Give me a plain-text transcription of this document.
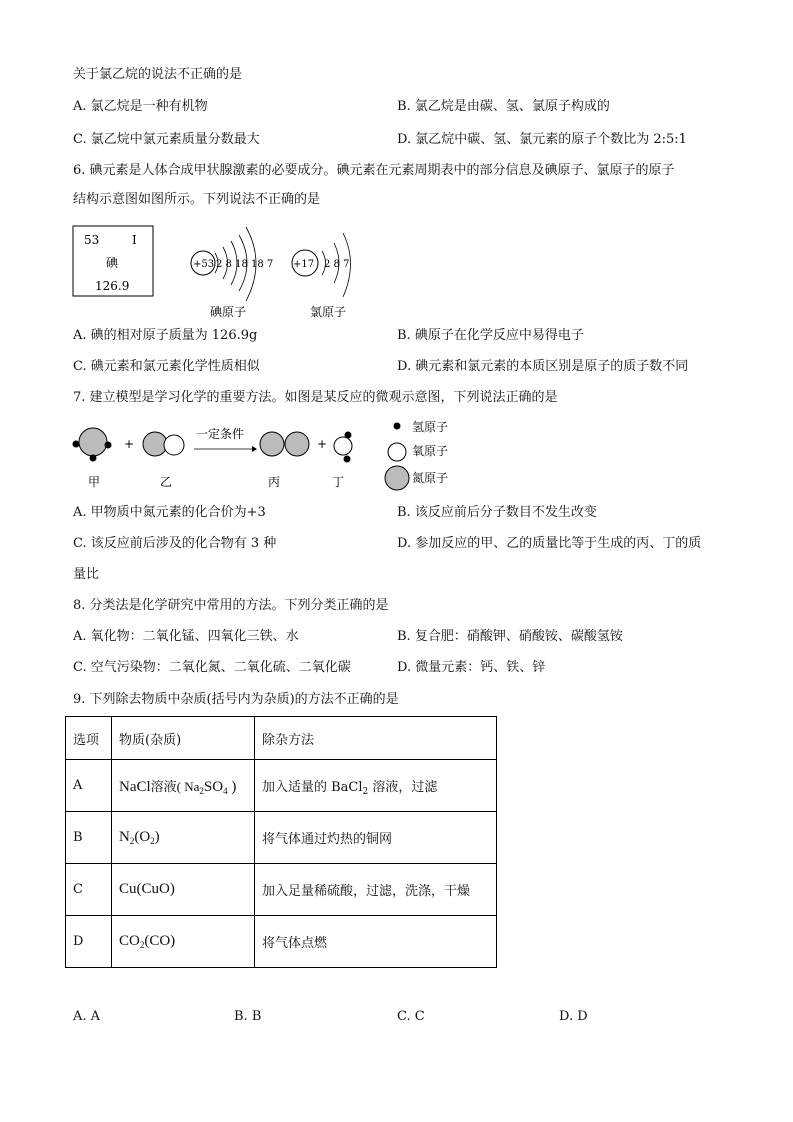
关于氯乙烷的说法不正确的是
A. 氯乙烷是一种有机物	B. 氯乙烷是由碳、氢、氯原子构成的
C. 氯乙烷中氯元素质量分数最大	D. 氯乙烷中碳、氢、氯元素的原子个数比为 2:5:1
6. 碘元素是人体合成甲状腺激素的必要成分。碘元素在元素周期表中的部分信息及碘原子、氯原子的原子
结构示意图如图所示。下列说法不正确的是
53	I
碘
126.9
+53 2 8 18 18 7
碘原子
+17 2 8 7
氯原子
A. 碘的相对原子质量为 126.9g	B. 碘原子在化学反应中易得电子
C. 碘元素和氯元素化学性质相似	D. 碘元素和氯元素的本质区别是原子的质子数不同
7. 建立模型是学习化学的重要方法。如图是某反应的微观示意图，下列说法正确的是
+
一定条件
+
甲	乙	丙	丁
氢原子
氧原子
氮原子
A. 甲物质中氮元素的化合价为+3	B. 该反应前后分子数目不发生改变
C. 该反应前后涉及的化合物有 3 种	D. 参加反应的甲、乙的质量比等于生成的丙、丁的质
量比
8. 分类法是化学研究中常用的方法。下列分类正确的是
A. 氧化物：二氧化锰、四氧化三铁、水	B. 复合肥：硝酸钾、硝酸铵、碳酸氢铵
C. 空气污染物：二氧化氮、二氧化硫、二氧化碳	D. 微量元素：钙、铁、锌
9. 下列除去物质中杂质(括号内为杂质)的方法不正确的是
选项	物质(杂质)	除杂方法
A	NaCl溶液( $Na_2SO_4$ )	加入适量的 BaCl$_2$ 溶液，过滤
B	$N_2(O_2)$	将气体通过灼热的铜网
C	Cu(CuO)	加入足量稀硫酸，过滤，洗涤，干燥
D	$CO_2(CO)$	将气体点燃
A. A	B. B	C. C	D. D
